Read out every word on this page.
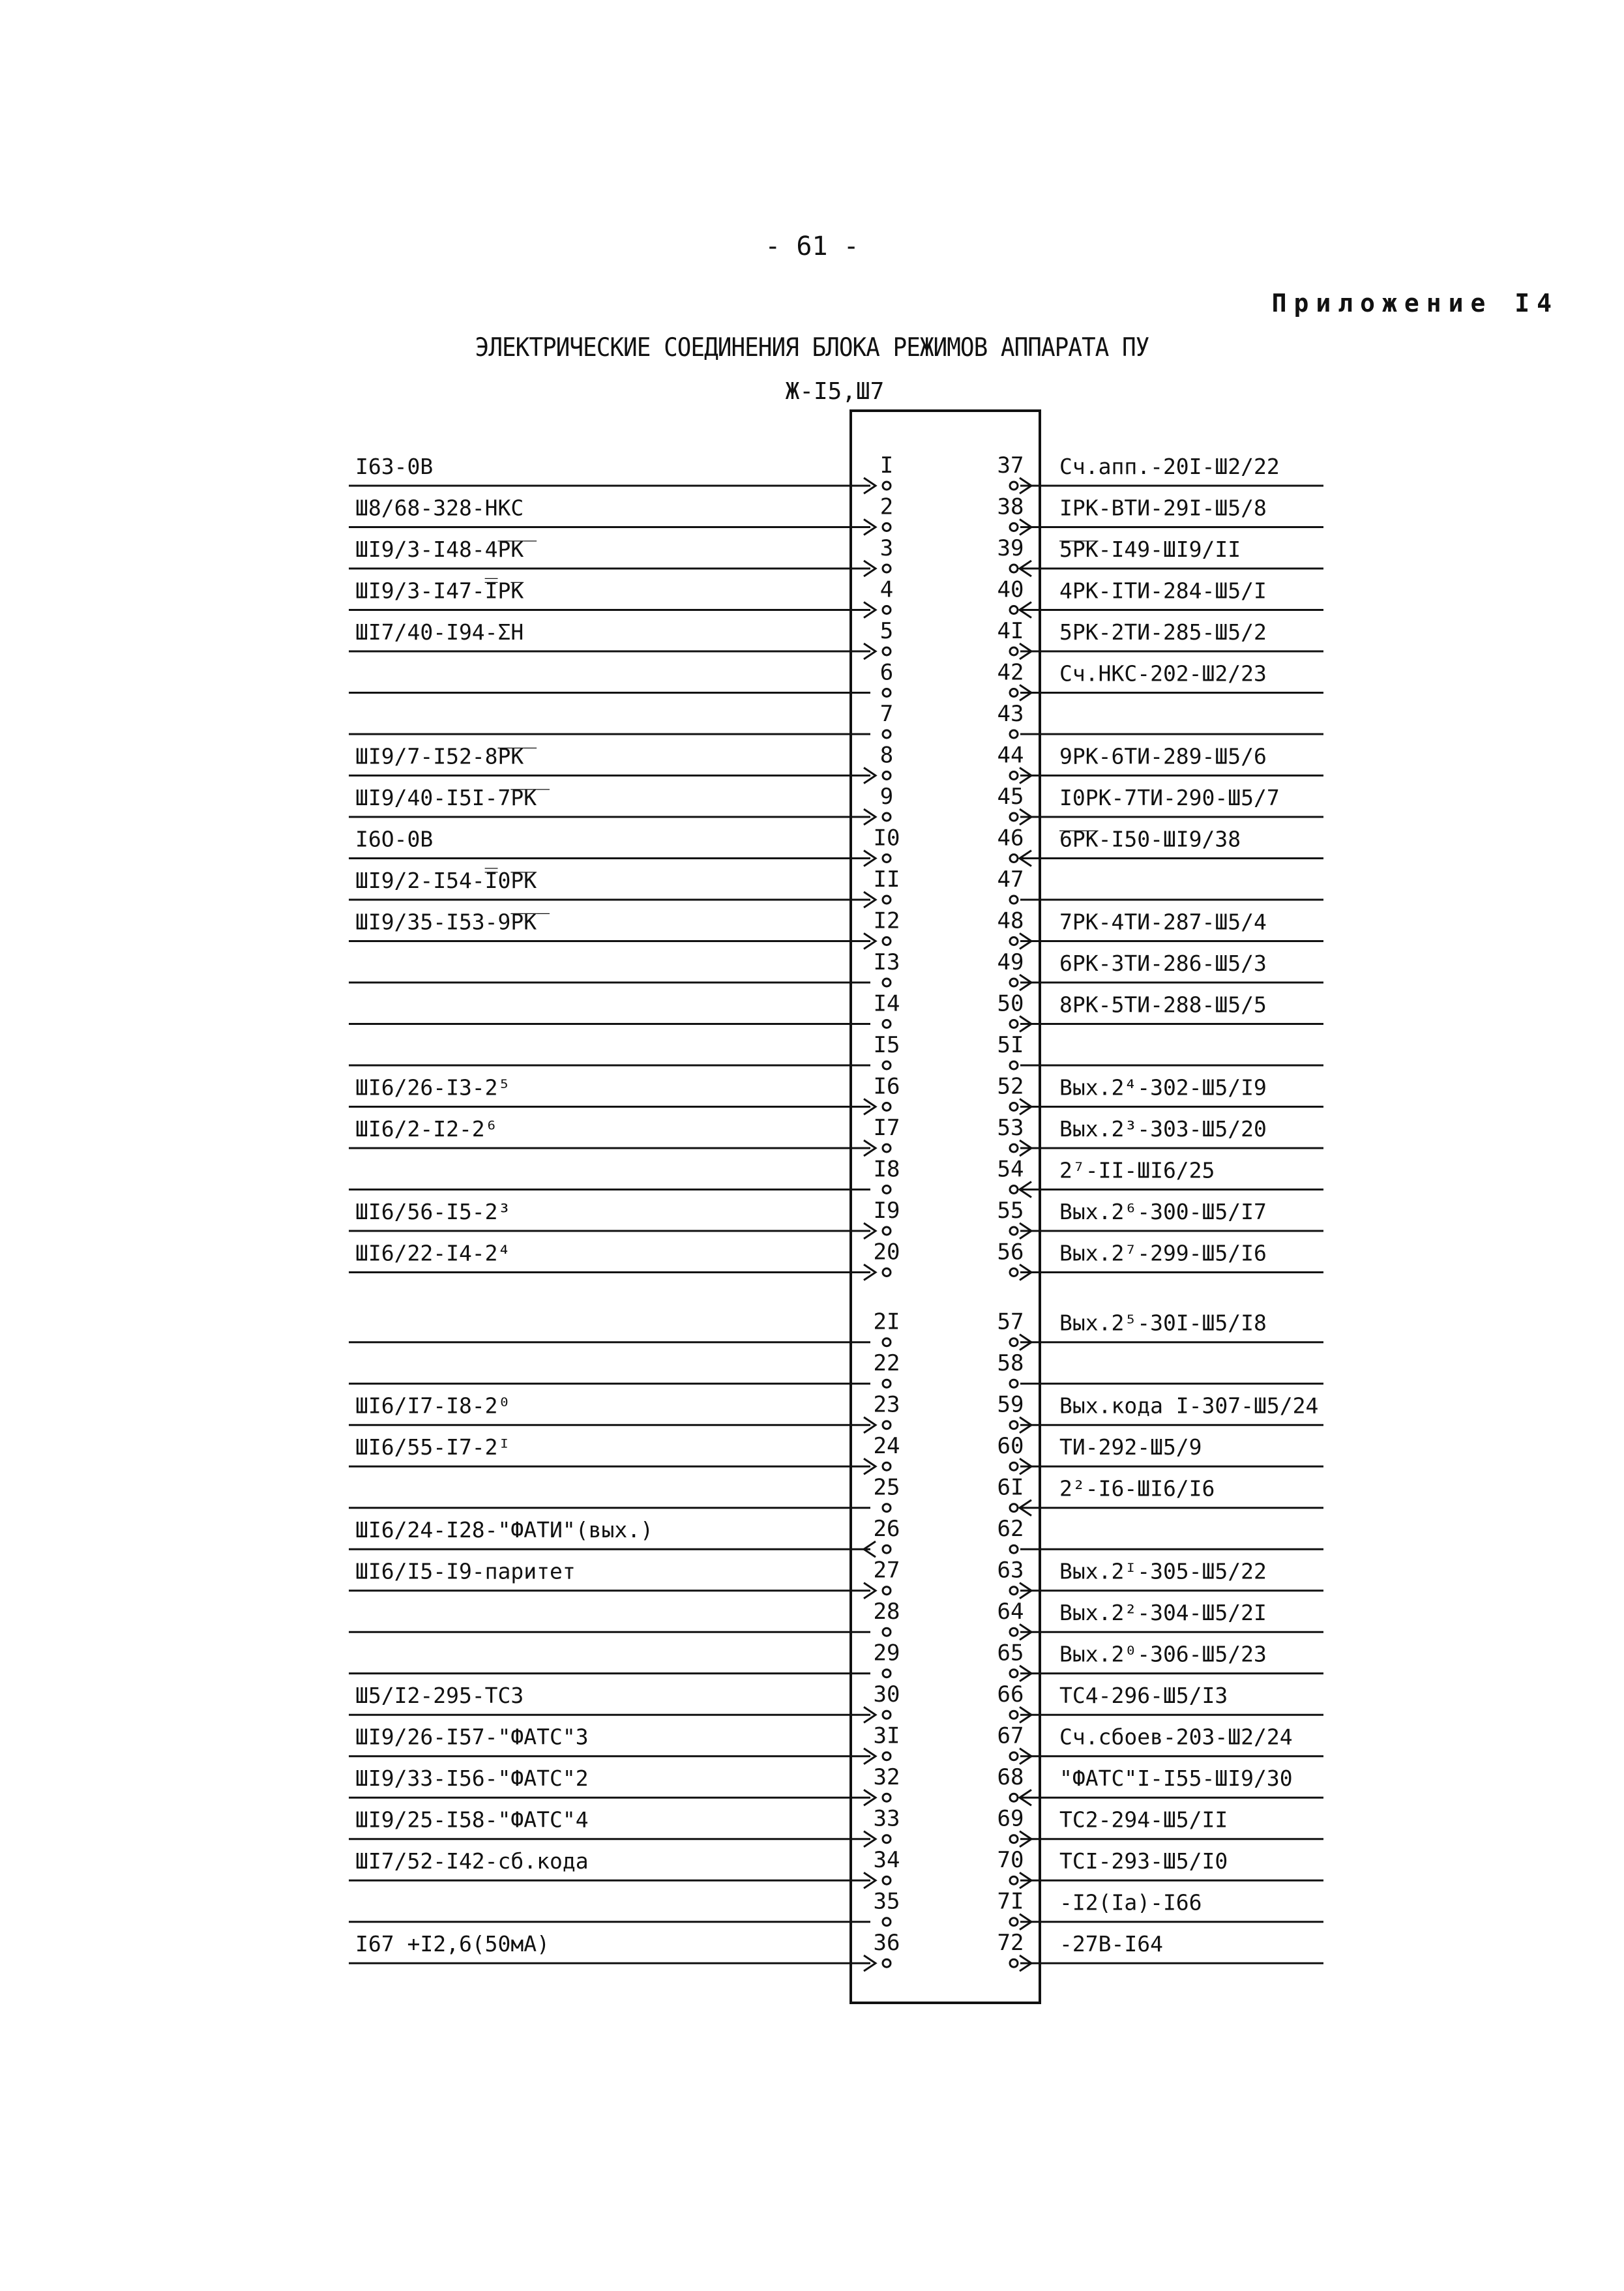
- 61 -
Приложение I4
ЭЛЕКТРИЧЕСКИЕ СОЕДИНЕНИЯ БЛОКА РЕЖИМОВ АППАРАТА ПУ
Ж-I5,Ш7
I
I63-0В
2
Ш8/68-328-НКС
3
ШI9/3-I48-4̅Р̅К̅
4
ШI9/3-I47-̅I̅Р̅К
5
ШI7/40-I94-ΣН
6
7
8
ШI9/7-I52-8̅Р̅К̅
9
ШI9/40-I5I-7̅Р̅К̅
I0
I6О-0В
II
ШI9/2-I54-̅I̅0̅Р̅К
I2
ШI9/35-I53-9̅Р̅К̅
I3
I4
I5
I6
ШI6/26-I3-2⁵
I7
ШI6/2-I2-2⁶
I8
I9
ШI6/56-I5-2³
20
ШI6/22-I4-2⁴
2I
22
23
ШI6/I7-I8-2⁰
24
ШI6/55-I7-2ᴵ
25
26
ШI6/24-I28-"ФАТИ"(вых.)
27
ШI6/I5-I9-паритет
28
29
30
Ш5/I2-295-ТС3
3I
ШI9/26-I57-"ФАТС"3
32
ШI9/33-I56-"ФАТС"2
33
ШI9/25-I58-"ФАТС"4
34
ШI7/52-I42-сб.кода
35
36
I67 +I2,6(50мА)
37 Сч.апп.-20I-Ш2/22
38 IРК-ВТИ-29I-Ш5/8
39 ̅5̅Р̅К-I49-ШI9/II
40 4РК-IТИ-284-Ш5/I
4I 5РК-2ТИ-285-Ш5/2
42 Сч.НКС-202-Ш2/23
43
44 9РК-6ТИ-289-Ш5/6
45 I0РК-7ТИ-290-Ш5/7
46 ̅6̅Р̅К-I50-ШI9/38
47
48 7РК-4ТИ-287-Ш5/4
49 6РК-3ТИ-286-Ш5/3
50 8РК-5ТИ-288-Ш5/5
5I
52 Вых.2⁴-302-Ш5/I9
53 Вых.2³-303-Ш5/20
54 2⁷-II-ШI6/25
55 Вых.2⁶-300-Ш5/I7
56 Вых.2⁷-299-Ш5/I6
57 Вых.2⁵-30I-Ш5/I8
58
59 Вых.кода I-307-Ш5/24
60 ТИ-292-Ш5/9
6I 2²-I6-ШI6/I6
62
63 Вых.2ᴵ-305-Ш5/22
64 Вых.2²-304-Ш5/2I
65 Вых.2⁰-306-Ш5/23
66 ТС4-296-Ш5/I3
67 Сч.сбоев-203-Ш2/24
68 "ФАТС"I-I55-ШI9/30
69 ТС2-294-Ш5/II
70 ТСI-293-Ш5/I0
7I -I2(Iа)-I66
72 -27В-I64
